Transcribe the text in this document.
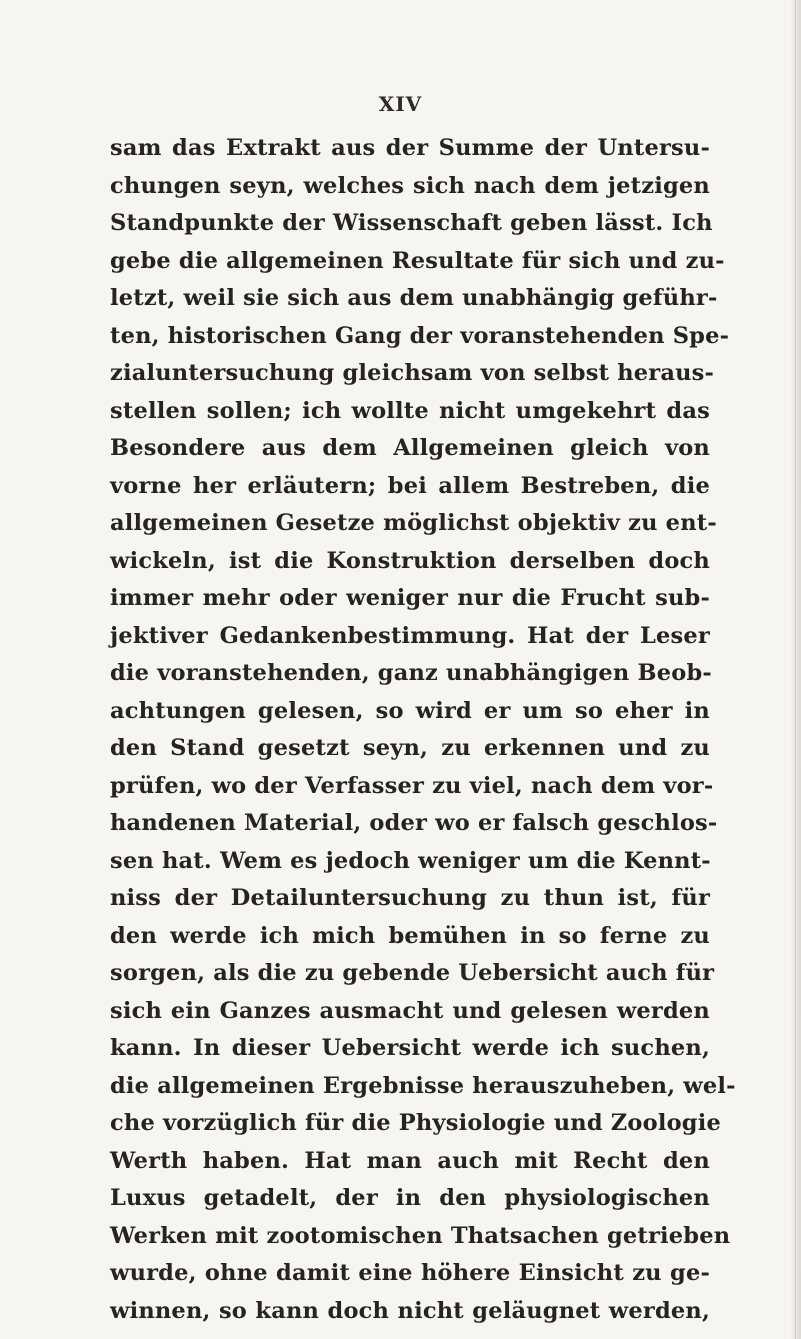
XIV
sam das Extrakt aus der Summe der Untersu-
chungen seyn, welches sich nach dem jetzigen
Standpunkte der Wissenschaft geben lässt. Ich
gebe die allgemeinen Resultate für sich und zu-
letzt, weil sie sich aus dem unabhängig geführ-
ten, historischen Gang der voranstehenden Spe-
zialuntersuchung gleichsam von selbst heraus-
stellen sollen; ich wollte nicht umgekehrt das
Besondere aus dem Allgemeinen gleich von
vorne her erläutern; bei allem Bestreben, die
allgemeinen Gesetze möglichst objektiv zu ent-
wickeln, ist die Konstruktion derselben doch
immer mehr oder weniger nur die Frucht sub-
jektiver Gedankenbestimmung. Hat der Leser
die voranstehenden, ganz unabhängigen Beob-
achtungen gelesen, so wird er um so eher in
den Stand gesetzt seyn, zu erkennen und zu
prüfen, wo der Verfasser zu viel, nach dem vor-
handenen Material, oder wo er falsch geschlos-
sen hat. Wem es jedoch weniger um die Kennt-
niss der Detailuntersuchung zu thun ist, für
den werde ich mich bemühen in so ferne zu
sorgen, als die zu gebende Uebersicht auch für
sich ein Ganzes ausmacht und gelesen werden
kann. In dieser Uebersicht werde ich suchen,
die allgemeinen Ergebnisse herauszuheben, wel-
che vorzüglich für die Physiologie und Zoologie
Werth haben. Hat man auch mit Recht den
Luxus getadelt, der in den physiologischen
Werken mit zootomischen Thatsachen getrieben
wurde, ohne damit eine höhere Einsicht zu ge-
winnen, so kann doch nicht geläugnet werden,
